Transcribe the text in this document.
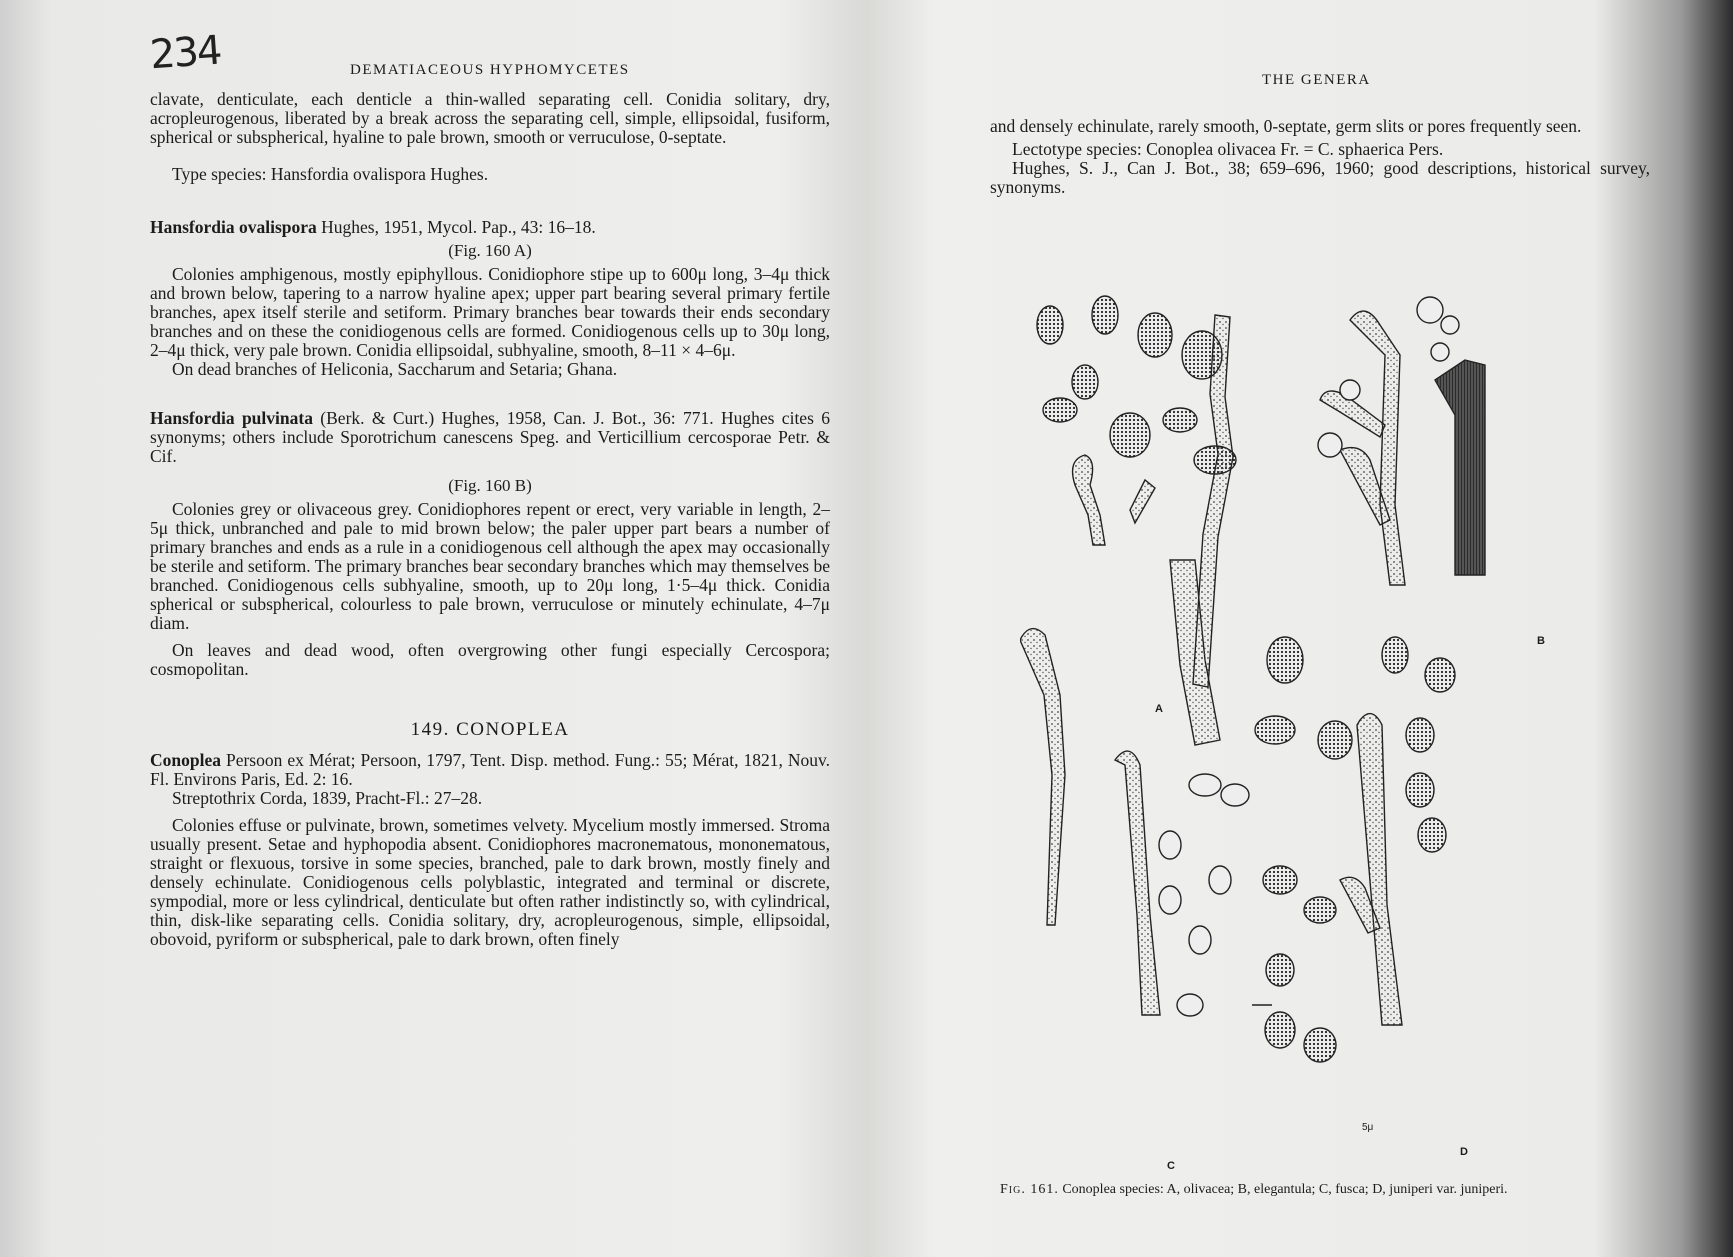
234	DEMATIACEOUS HYPHOMYCETES
THE GENERA

clavate, denticulate, each denticle a thin-walled separating cell. Conidia solitary, dry, acropleurogenous, liberated by a break across the separating cell, simple, ellipsoidal, fusiform, spherical or subspherical, hyaline to pale brown, smooth or verruculose, 0-septate.

Type species: Hansfordia ovalispora Hughes.

Hansfordia ovalispora Hughes, 1951, Mycol. Pap., 43: 16–18.

(Fig. 160 A)

Colonies amphigenous, mostly epiphyllous. Conidiophore stipe up to 600μ long, 3–4μ thick and brown below, tapering to a narrow hyaline apex; upper part bearing several primary fertile branches, apex itself sterile and setiform. Primary branches bear towards their ends secondary branches and on these the conidiogenous cells are formed. Conidiogenous cells up to 30μ long, 2–4μ thick, very pale brown. Conidia ellipsoidal, subhyaline, smooth, 8–11 × 4–6μ.

On dead branches of Heliconia, Saccharum and Setaria; Ghana.

Hansfordia pulvinata (Berk. & Curt.) Hughes, 1958, Can. J. Bot., 36: 771. Hughes cites 6 synonyms; others include Sporotrichum canescens Speg. and Verticillium cercosporae Petr. & Cif.

(Fig. 160 B)

Colonies grey or olivaceous grey. Conidiophores repent or erect, very variable in length, 2–5μ thick, unbranched and pale to mid brown below; the paler upper part bears a number of primary branches and ends as a rule in a conidiogenous cell although the apex may occasionally be sterile and setiform. The primary branches bear secondary branches which may themselves be branched. Conidiogenous cells subhyaline, smooth, up to 20μ long, 1·5–4μ thick. Conidia spherical or subspherical, colourless to pale brown, verruculose or minutely echinulate, 4–7μ diam.

On leaves and dead wood, often overgrowing other fungi especially Cercospora; cosmopolitan.

149. CONOPLEA

Conoplea Persoon ex Mérat; Persoon, 1797, Tent. Disp. method. Fung.: 55; Mérat, 1821, Nouv. Fl. Environs Paris, Ed. 2: 16.

Streptothrix Corda, 1839, Pracht-Fl.: 27–28.

Colonies effuse or pulvinate, brown, sometimes velvety. Mycelium mostly immersed. Stroma usually present. Setae and hyphopodia absent. Conidiophores macronematous, mononematous, straight or flexuous, torsive in some species, branched, pale to dark brown, mostly finely and densely echinulate. Conidiogenous cells polyblastic, integrated and terminal or discrete, sympodial, more or less cylindrical, denticulate but often rather indistinctly so, with cylindrical, thin, disk-like separating cells. Conidia solitary, dry, acropleurogenous, simple, ellipsoidal, obovoid, pyriform or subspherical, pale to dark brown, often finely

and densely echinulate, rarely smooth, 0-septate, germ slits or pores frequently seen.

Lectotype species: Conoplea olivacea Fr. = C. sphaerica Pers.

Hughes, S. J., Can J. Bot., 38; 659–696, 1960; good descriptions, historical survey, synonyms.

A
B
C
D
5μ
Fig. 161. Conoplea species: A, olivacea; B, elegantula; C, fusca; D, juniperi var. juniperi.
